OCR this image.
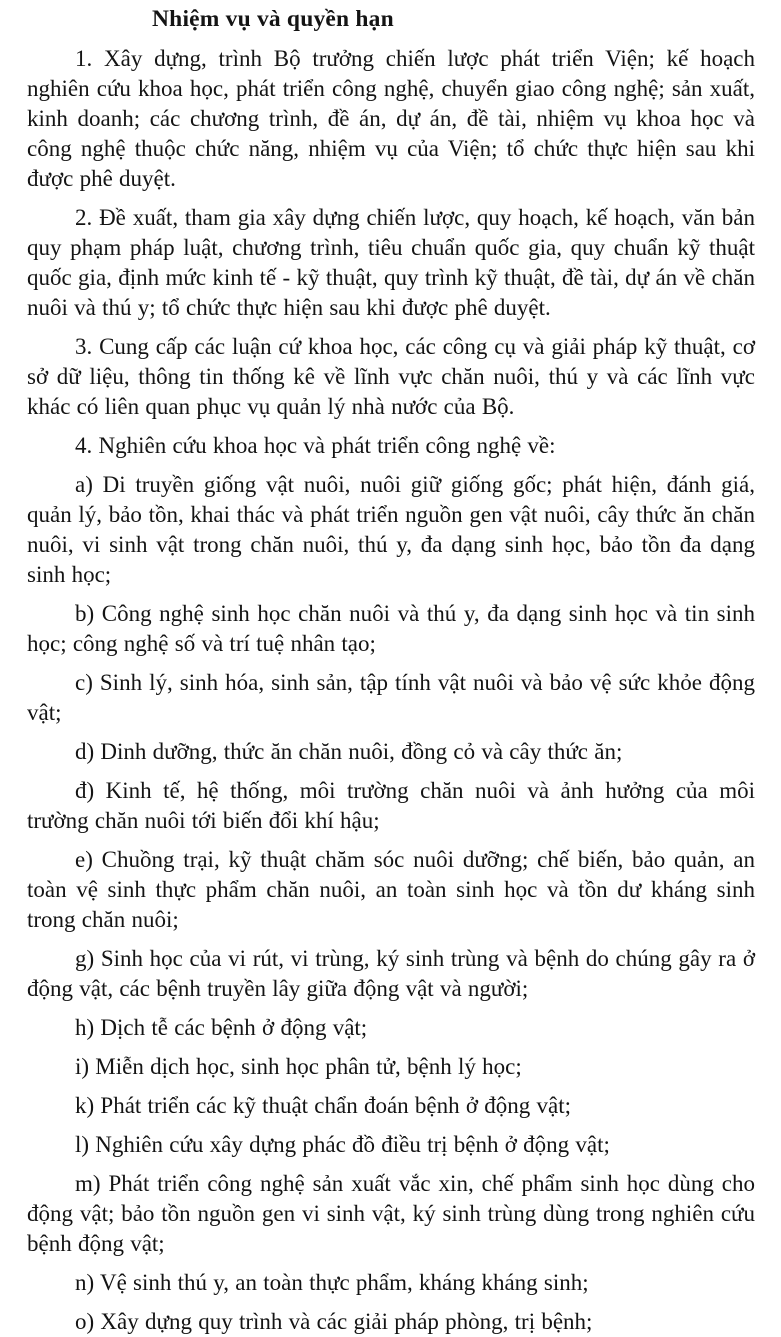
Nhiệm vụ và quyền hạn

1. Xây dựng, trình Bộ trưởng chiến lược phát triển Viện; kế hoạch nghiên cứu khoa học, phát triển công nghệ, chuyển giao công nghệ; sản xuất, kinh doanh; các chương trình, đề án, dự án, đề tài, nhiệm vụ khoa học và công nghệ thuộc chức năng, nhiệm vụ của Viện; tổ chức thực hiện sau khi được phê duyệt.

2. Đề xuất, tham gia xây dựng chiến lược, quy hoạch, kế hoạch, văn bản quy phạm pháp luật, chương trình, tiêu chuẩn quốc gia, quy chuẩn kỹ thuật quốc gia, định mức kinh tế - kỹ thuật, quy trình kỹ thuật, đề tài, dự án về chăn nuôi và thú y; tổ chức thực hiện sau khi được phê duyệt.

3. Cung cấp các luận cứ khoa học, các công cụ và giải pháp kỹ thuật, cơ sở dữ liệu, thông tin thống kê về lĩnh vực chăn nuôi, thú y và các lĩnh vực khác có liên quan phục vụ quản lý nhà nước của Bộ.

4. Nghiên cứu khoa học và phát triển công nghệ về:

a) Di truyền giống vật nuôi, nuôi giữ giống gốc; phát hiện, đánh giá, quản lý, bảo tồn, khai thác và phát triển nguồn gen vật nuôi, cây thức ăn chăn nuôi, vi sinh vật trong chăn nuôi, thú y, đa dạng sinh học, bảo tồn đa dạng sinh học;

b) Công nghệ sinh học chăn nuôi và thú y, đa dạng sinh học và tin sinh học; công nghệ số và trí tuệ nhân tạo;

c) Sinh lý, sinh hóa, sinh sản, tập tính vật nuôi và bảo vệ sức khỏe động vật;

d) Dinh dưỡng, thức ăn chăn nuôi, đồng cỏ và cây thức ăn;

đ) Kinh tế, hệ thống, môi trường chăn nuôi và ảnh hưởng của môi trường chăn nuôi tới biến đổi khí hậu;

e) Chuồng trại, kỹ thuật chăm sóc nuôi dưỡng; chế biến, bảo quản, an toàn vệ sinh thực phẩm chăn nuôi, an toàn sinh học và tồn dư kháng sinh trong chăn nuôi;

g) Sinh học của vi rút, vi trùng, ký sinh trùng và bệnh do chúng gây ra ở động vật, các bệnh truyền lây giữa động vật và người;

h) Dịch tễ các bệnh ở động vật;

i) Miễn dịch học, sinh học phân tử, bệnh lý học;

k) Phát triển các kỹ thuật chẩn đoán bệnh ở động vật;

l) Nghiên cứu xây dựng phác đồ điều trị bệnh ở động vật;

m) Phát triển công nghệ sản xuất vắc xin, chế phẩm sinh học dùng cho động vật; bảo tồn nguồn gen vi sinh vật, ký sinh trùng dùng trong nghiên cứu bệnh động vật;

n) Vệ sinh thú y, an toàn thực phẩm, kháng kháng sinh;

o) Xây dựng quy trình và các giải pháp phòng, trị bệnh;
